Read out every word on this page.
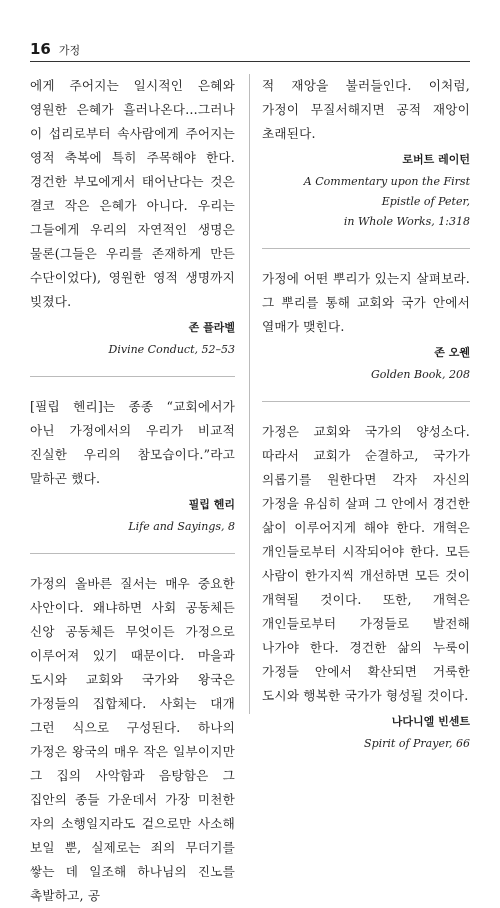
16 가정

에게 주어지는 일시적인 은혜와 영원한 은혜가 흘러나온다…그러나 이 섭리로부터 속사람에게 주어지는 영적 축복에 특히 주목해야 한다. 경건한 부모에게서 태어난다는 것은 결코 작은 은혜가 아니다. 우리는 그들에게 우리의 자연적인 생명은 물론(그들은 우리를 존재하게 만든 수단이었다), 영원한 영적 생명까지 빚졌다.

존 플라벨

Divine Conduct, 52–53

[필립 헨리]는 종종 “교회에서가 아닌 가정에서의 우리가 비교적 진실한 우리의 참모습이다.”라고 말하곤 했다.

필립 헨리

Life and Sayings, 8

가정의 올바른 질서는 매우 중요한 사안이다. 왜냐하면 사회 공동체든 신앙 공동체든 무엇이든 가정으로 이루어져 있기 때문이다. 마을과 도시와 교회와 국가와 왕국은 가정들의 집합체다. 사회는 대개 그런 식으로 구성된다. 하나의 가정은 왕국의 매우 작은 일부이지만 그 집의 사악함과 음탕함은 그 집안의 종들 가운데서 가장 미천한 자의 소행일지라도 겉으로만 사소해 보일 뿐, 실제로는 죄의 무더기를 쌓는 데 일조해 하나님의 진노를 촉발하고, 공

적 재앙을 불러들인다. 이처럼, 가정이 무질서해지면 공적 재앙이 초래된다.

로버트 레이턴

A Commentary upon the First Epistle of Peter,

in Whole Works, 1:318

가정에 어떤 뿌리가 있는지 살펴보라. 그 뿌리를 통해 교회와 국가 안에서 열매가 맺힌다.

존 오웬

Golden Book, 208

가정은 교회와 국가의 양성소다. 따라서 교회가 순결하고, 국가가 의롭기를 원한다면 각자 자신의 가정을 유심히 살펴 그 안에서 경건한 삶이 이루어지게 해야 한다. 개혁은 개인들로부터 시작되어야 한다. 모든 사람이 한가지씩 개선하면 모든 것이 개혁될 것이다. 또한, 개혁은 개인들로부터 가정들로 발전해 나가야 한다. 경건한 삶의 누룩이 가정들 안에서 확산되면 거룩한 도시와 행복한 국가가 형성될 것이다.

나다니엘 빈센트

Spirit of Prayer, 66
